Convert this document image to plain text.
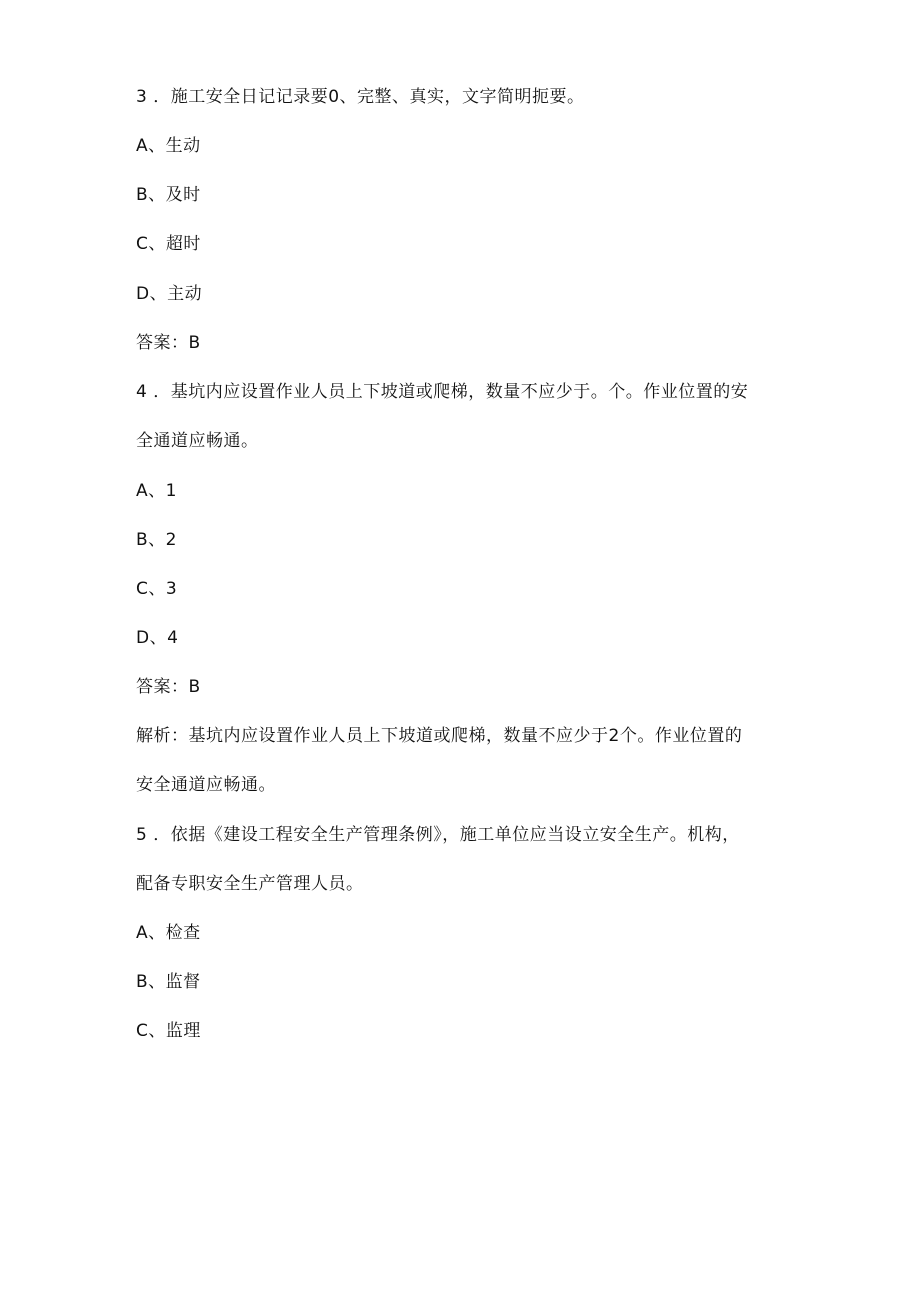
3 ．施工安全日记记录要0、完整、真实，文字简明扼要。
A、生动
B、及时
C、超时
D、主动
答案：B
4 ．基坑内应设置作业人员上下坡道或爬梯，数量不应少于。个。作业位置的安
全通道应畅通。
A、1
B、2
C、3
D、4
答案：B
解析：基坑内应设置作业人员上下坡道或爬梯，数量不应少于2个。作业位置的
安全通道应畅通。
5 ．依据《建设工程安全生产管理条例》，施工单位应当设立安全生产。机构，
配备专职安全生产管理人员。
A、检查
B、监督
C、监理
